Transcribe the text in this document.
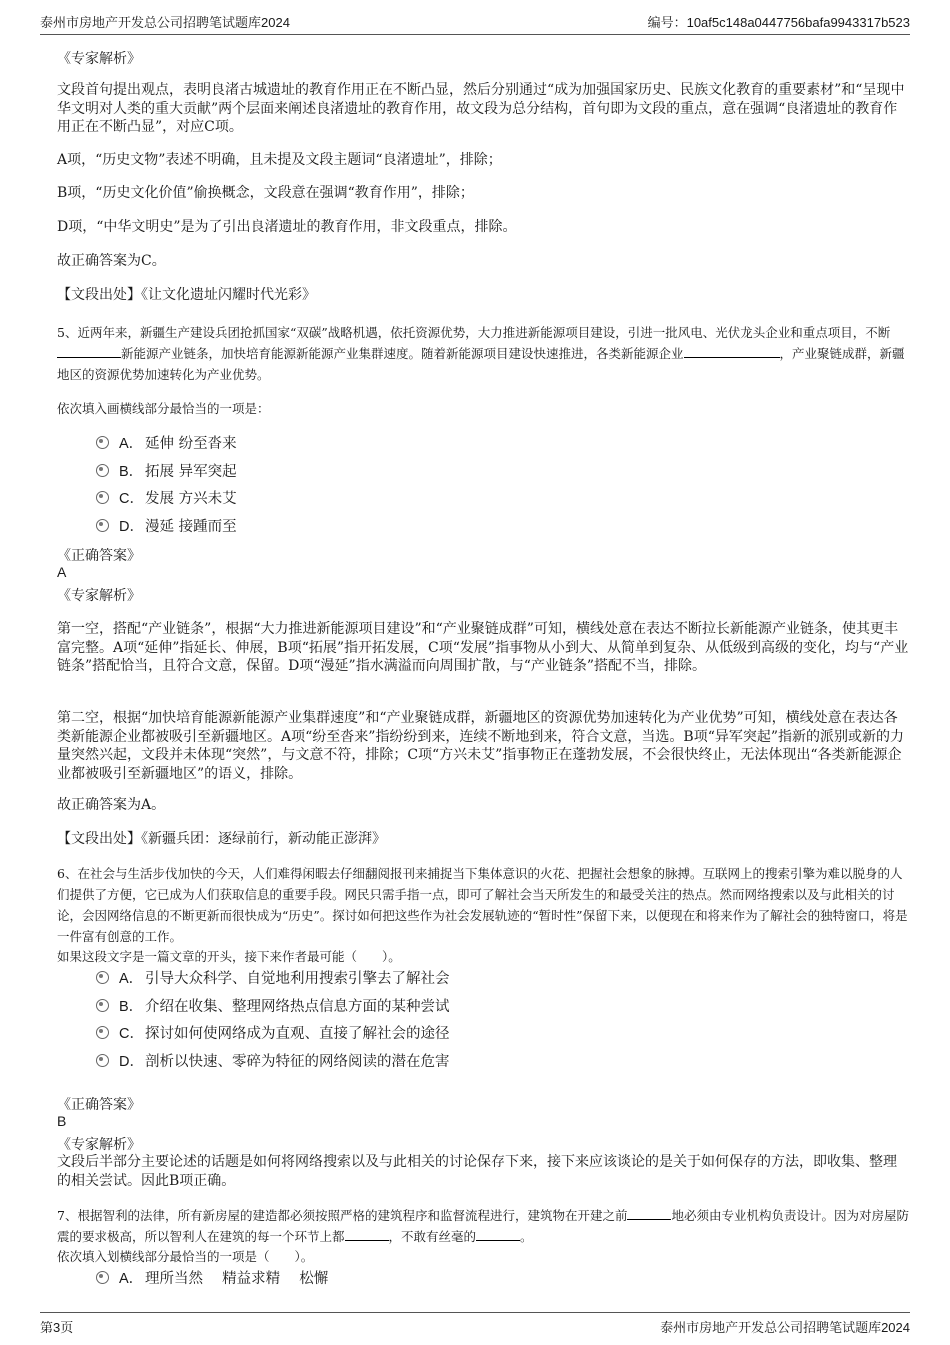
泰州市房地产开发总公司招聘笔试题库2024	编号：10af5c148a0447756bafa9943317b523

《专家解析》

文段首句提出观点，表明良渚古城遗址的教育作用正在不断凸显，然后分别通过“成为加强国家历史、民族文化教育的重要素材”和“呈现中华文明对人类的重大贡献”两个层面来阐述良渚遗址的教育作用，故文段为总分结构，首句即为文段的重点，意在强调“良渚遗址的教育作用正在不断凸显”，对应C项。

A项，“历史文物”表述不明确，且未提及文段主题词“良渚遗址”，排除；

B项，“历史文化价值”偷换概念，文段意在强调“教育作用”，排除；

D项，“中华文明史”是为了引出良渚遗址的教育作用，非文段重点，排除。

故正确答案为C。

【文段出处】《让文化遗址闪耀时代光彩》

5、近两年来，新疆生产建设兵团抢抓国家“双碳”战略机遇，依托资源优势，大力推进新能源项目建设，引进一批风电、光伏龙头企业和重点项目，不断新能源产业链条，加快培育能源新能源产业集群速度。随着新能源项目建设快速推进，各类新能源企业	，产业聚链成群，新疆地区的资源优势加速转化为产业优势。

依次填入画横线部分最恰当的一项是：

A． 延伸 纷至沓来
B． 拓展 异军突起
C． 发展 方兴未艾
D． 漫延 接踵而至

《正确答案》

A

《专家解析》

第一空，搭配“产业链条”，根据“大力推进新能源项目建设”和“产业聚链成群”可知，横线处意在表达不断拉长新能源产业链条，使其更丰富完整。A项“延伸”指延长、伸展，B项“拓展”指开拓发展，C项“发展”指事物从小到大、从简单到复杂、从低级到高级的变化，均与“产业链条”搭配恰当，且符合文意，保留。D项“漫延”指水满溢而向周围扩散，与“产业链条”搭配不当，排除。

第二空，根据“加快培育能源新能源产业集群速度”和“产业聚链成群，新疆地区的资源优势加速转化为产业优势”可知，横线处意在表达各类新能源企业都被吸引至新疆地区。A项“纷至沓来”指纷纷到来，连续不断地到来，符合文意，当选。B项“异军突起”指新的派别或新的力量突然兴起，文段并未体现“突然”，与文意不符，排除；C项“方兴未艾”指事物正在蓬勃发展，不会很快终止，无法体现出“各类新能源企业都被吸引至新疆地区”的语义，排除。

故正确答案为A。

【文段出处】《新疆兵团：逐绿前行，新动能正澎湃》

6、在社会与生活步伐加快的今天，人们难得闲暇去仔细翻阅报刊来捕捉当下集体意识的火花、把握社会想象的脉搏。互联网上的搜索引擎为难以脱身的人们提供了方便，它已成为人们获取信息的重要手段。网民只需手指一点，即可了解社会当天所发生的和最受关注的热点。然而网络搜索以及与此相关的讨论，会因网络信息的不断更新而很快成为“历史”。探讨如何把这些作为社会发展轨迹的“暂时性”保留下来，以便现在和将来作为了解社会的独特窗口，将是一件富有创意的工作。

如果这段文字是一篇文章的开头，接下来作者最可能（　　）。

A． 引导大众科学、自觉地利用搜索引擎去了解社会
B． 介绍在收集、整理网络热点信息方面的某种尝试
C． 探讨如何使网络成为直观、直接了解社会的途径
D． 剖析以快速、零碎为特征的网络阅读的潜在危害

《正确答案》

B

《专家解析》

文段后半部分主要论述的话题是如何将网络搜索以及与此相关的讨论保存下来，接下来应该谈论的是关于如何保存的方法，即收集、整理的相关尝试。因此B项正确。

7、根据智利的法律，所有新房屋的建造都必须按照严格的建筑程序和监督流程进行，建筑物在开建之前	地必须由专业机构负责设计。因为对房屋防震的要求极高，所以智利人在建筑的每一个环节上都	，不敢有丝毫的	。

依次填入划横线部分最恰当的一项是（　　）。

A． 理所当然　 精益求精　 松懈
第3页	泰州市房地产开发总公司招聘笔试题库2024
